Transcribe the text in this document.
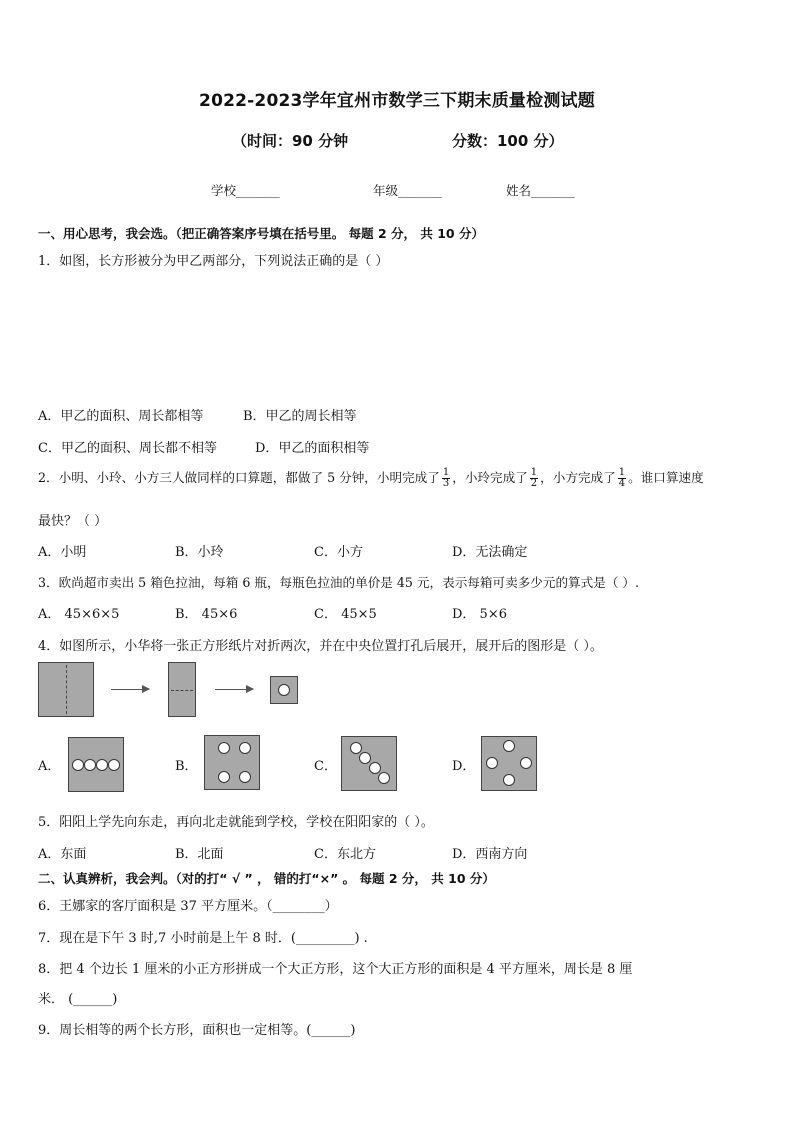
2022-2023学年宜州市数学三下期末质量检测试题
（时间：90 分钟	分数：100 分）
学校_______	年级_______	姓名_______
一、用心思考，我会选。（把正确答案序号填在括号里。 每题 2 分， 共 10 分）
1．如图，长方形被分为甲乙两部分，下列说法正确的是（ ）
A．甲乙的面积、周长都相等	B．甲乙的周长相等
C．甲乙的面积、周长都不相等	D．甲乙的面积相等
2．小明、小玲、小方三人做同样的口算题，都做了 5 分钟，小明完成了 $\frac{1}{3}$ ，小玲完成了 $\frac{1}{2}$ ，小方完成了 $\frac{1}{4}$ 。谁口算速度
最快？（ ）
A．小明	B．小玲	C．小方	D．无法确定
3．欧尚超市卖出 5 箱色拉油，每箱 6 瓶，每瓶色拉油的单价是 45 元，表示每箱可卖多少元的算式是（ ）.
A． 45×6×5	B． 45×6	C． 45×5	D． 5×6
4．如图所示，小华将一张正方形纸片对折两次，并在中央位置打孔后展开，展开后的图形是（ ）。
A．	B．	C．	D．
5．阳阳上学先向东走，再向北走就能到学校，学校在阳阳家的（ ）。
A．东面	B．北面	C．东北方	D．西南方向
二、认真辨析，我会判。（对的打“ √ ” ， 错的打“×” 。 每题 2 分， 共 10 分）
6．王娜家的客厅面积是 37 平方厘米。（________）
7．现在是下午 3 时,7 小时前是上午 8 时．(_________) .
8．把 4 个边长 1 厘米的小正方形拼成一个大正方形，这个大正方形的面积是 4 平方厘米，周长是 8 厘
米． (______)
9．周长相等的两个长方形，面积也一定相等。(______)
